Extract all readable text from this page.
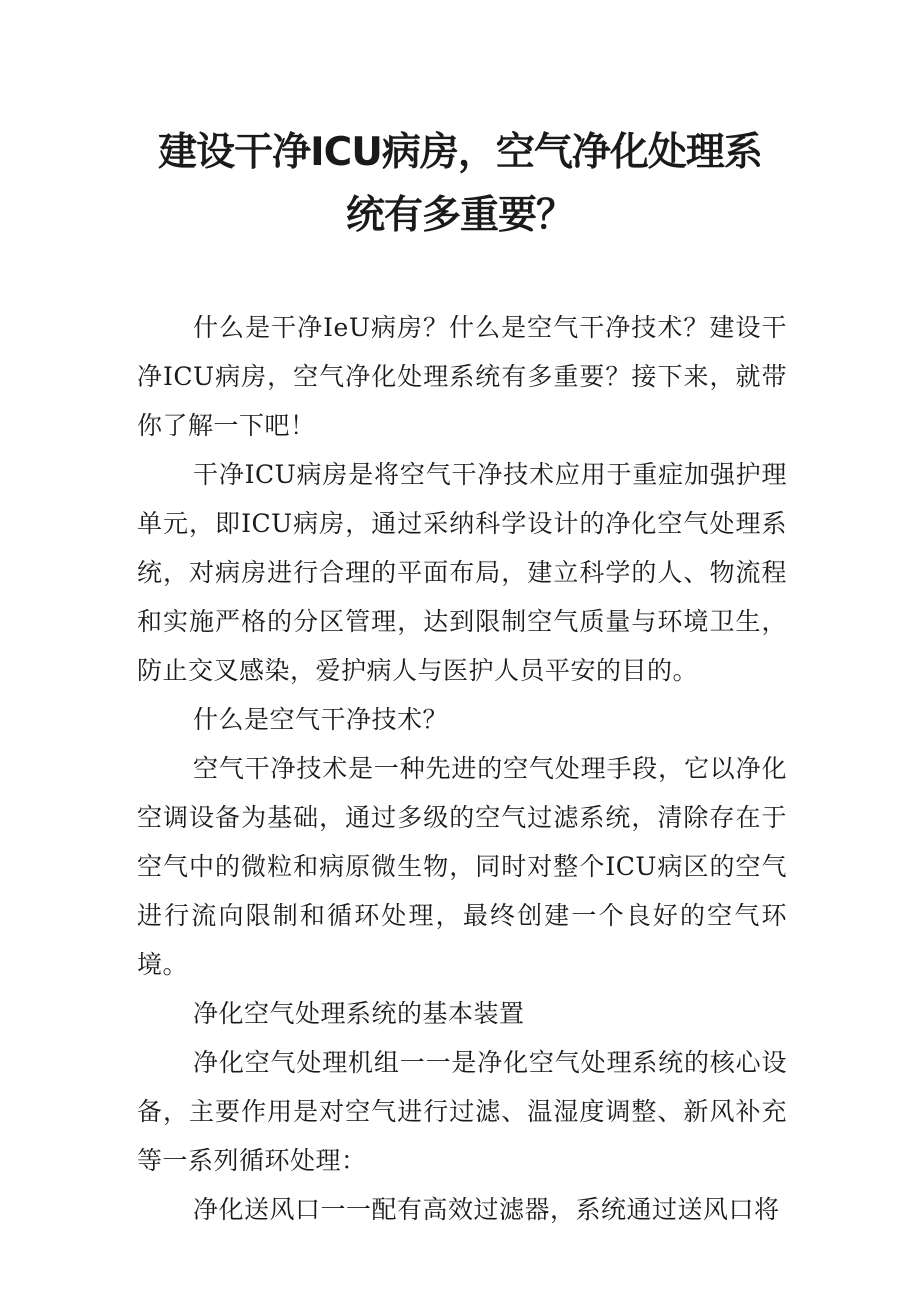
建设干净ICU病房，空气净化处理系
统有多重要？

什么是干净IeU病房？什么是空气干净技术？建设干净ICU病房，空气净化处理系统有多重要？接下来，就带你了解一下吧！

干净ICU病房是将空气干净技术应用于重症加强护理单元，即ICU病房，通过采纳科学设计的净化空气处理系统，对病房进行合理的平面布局，建立科学的人、物流程和实施严格的分区管理，达到限制空气质量与环境卫生，防止交叉感染，爱护病人与医护人员平安的目的。

什么是空气干净技术？

空气干净技术是一种先进的空气处理手段，它以净化空调设备为基础，通过多级的空气过滤系统，清除存在于空气中的微粒和病原微生物，同时对整个ICU病区的空气进行流向限制和循环处理，最终创建一个良好的空气环境。

净化空气处理系统的基本装置

净化空气处理机组一一是净化空气处理系统的核心设备，主要作用是对空气进行过滤、温湿度调整、新风补充等一系列循环处理：

净化送风口一一配有高效过滤器，系统通过送风口将
